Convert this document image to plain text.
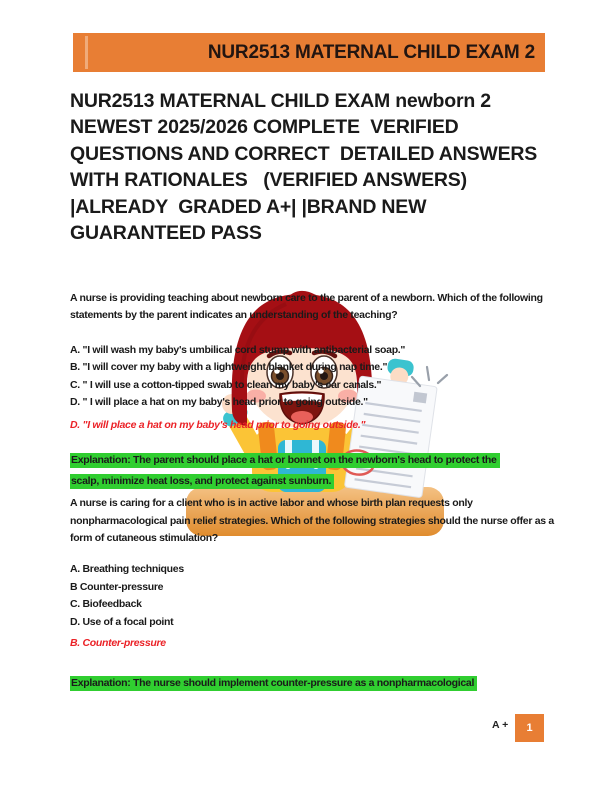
NUR2513 MATERNAL CHILD EXAM 2
NUR2513 MATERNAL CHILD EXAM newborn 2
NEWEST 2025/2026 COMPLETE  VERIFIED
QUESTIONS AND CORRECT  DETAILED ANSWERS
WITH RATIONALES   (VERIFIED ANSWERS)
|ALREADY  GRADED A+| |BRAND NEW
GUARANTEED PASS
A nurse is providing teaching about newborn care to the parent of a newborn. Which of the following statements by the parent indicates an understanding of the teaching?
A. "I will wash my baby's umbilical cord stump with antibacterial soap."
B. "I will cover my baby with a lightweight blanket during nap time."
C. " I will use a cotton-tipped swab to clean my baby's ear canals."
D. " I will place a hat on my baby's head prior to going outside."
D. "I will place a hat on my baby's head prior to going outside."
Explanation: The parent should place a hat or bonnet on the newborn's head to protect the
scalp, minimize heat loss, and protect against sunburn.
A nurse is caring for a client who is in active labor and whose birth plan requests only nonpharmacological pain relief strategies. Which of the following strategies should the nurse offer as a form of cutaneous stimulation?
A. Breathing techniques
B Counter-pressure
C. Biofeedback
D. Use of a focal point
B. Counter-pressure
Explanation: The nurse should implement counter-pressure as a nonpharmacological
A + 1
